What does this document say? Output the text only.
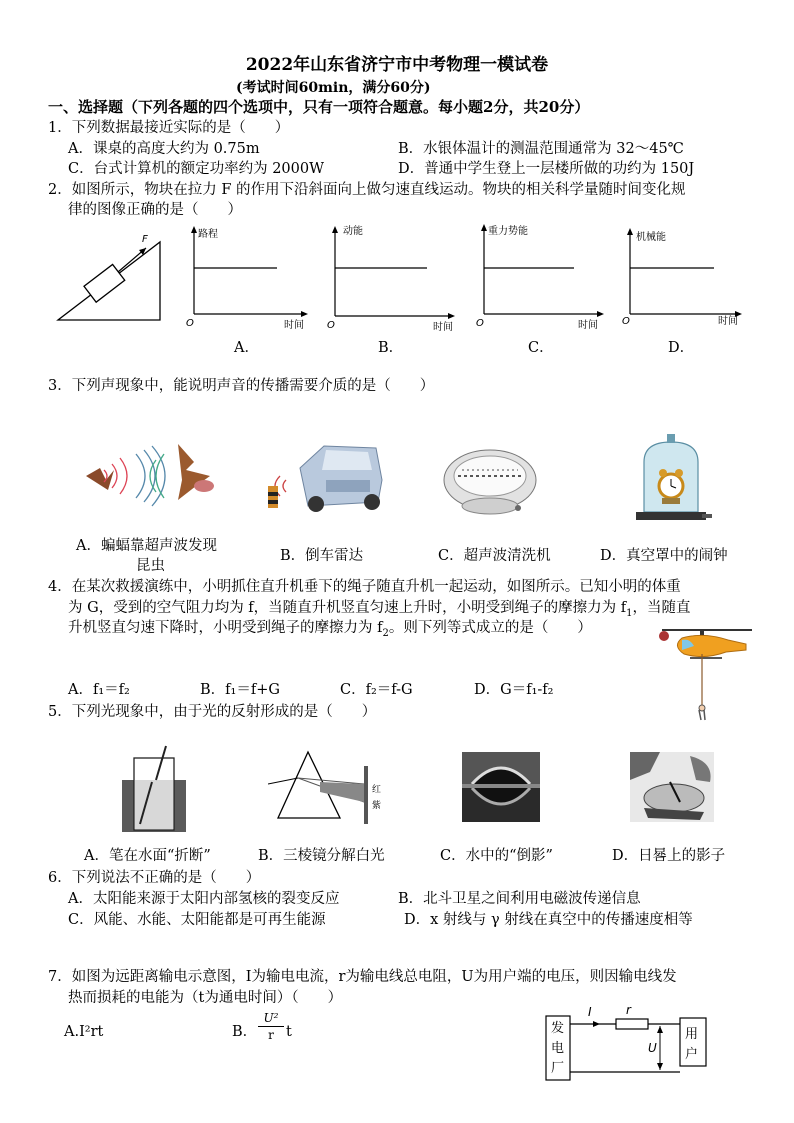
2022年山东省济宁市中考物理一模试卷
(考试时间60min，满分60分)
一、选择题（下列各题的四个选项中，只有一项符合题意。每小题2分，共20分）
1．下列数据最接近实际的是（　　）
A．课桌的高度大约为 0.75m	B．水银体温计的测温范围通常为 32～45℃
C．台式计算机的额定功率约为 2000W	D．普通中学生登上一层楼所做的功约为 150J
2．如图所示，物块在拉力 F 的作用下沿斜面向上做匀速直线运动。物块的相关科学量随时间变化规
律的图像正确的是（　　）
F	路程
O	时间
动能
O	时间
重力势能
O	时间
机械能
O	时间
A．	B．	C．	D．
3．下列声现象中，能说明声音的传播需要介质的是（　　）
A．蝙蝠靠超声波发现
昆虫
B．倒车雷达	C．超声波清洗机	D．真空罩中的闹钟
4．在某次救援演练中，小明抓住直升机垂下的绳子随直升机一起运动，如图所示。已知小明的体重
为 G，受到的空气阻力均为 f，当随直升机竖直匀速上升时，小明受到绳子的摩擦力为 $f_1$，当随直
升机竖直匀速下降时，小明受到绳子的摩擦力为 $f_2$。则下列等式成立的是（　　）
A．f₁＝f₂	B．f₁＝f+G	C．f₂＝f-G	D．G＝f₁-f₂
5．下列光现象中，由于光的反射形成的是（　　）
红
紫
A．笔在水面“折断”	B．三棱镜分解白光	C．水中的“倒影”	D．日晷上的影子
6．下列说法不正确的是（　　）
A．太阳能来源于太阳内部氢核的裂变反应	B．北斗卫星之间利用电磁波传递信息
C．风能、水能、太阳能都是可再生能源	D．x 射线与 γ 射线在真空中的传播速度相等
7．如图为远距离输电示意图，I为输电电流，r为输电线总电阻，U为用户端的电压，则因输电线发
热而损耗的电能为（t为通电时间）（　　）
A.I²rt	B．
U²
r t	发
电
厂
I	r
U
用
户
